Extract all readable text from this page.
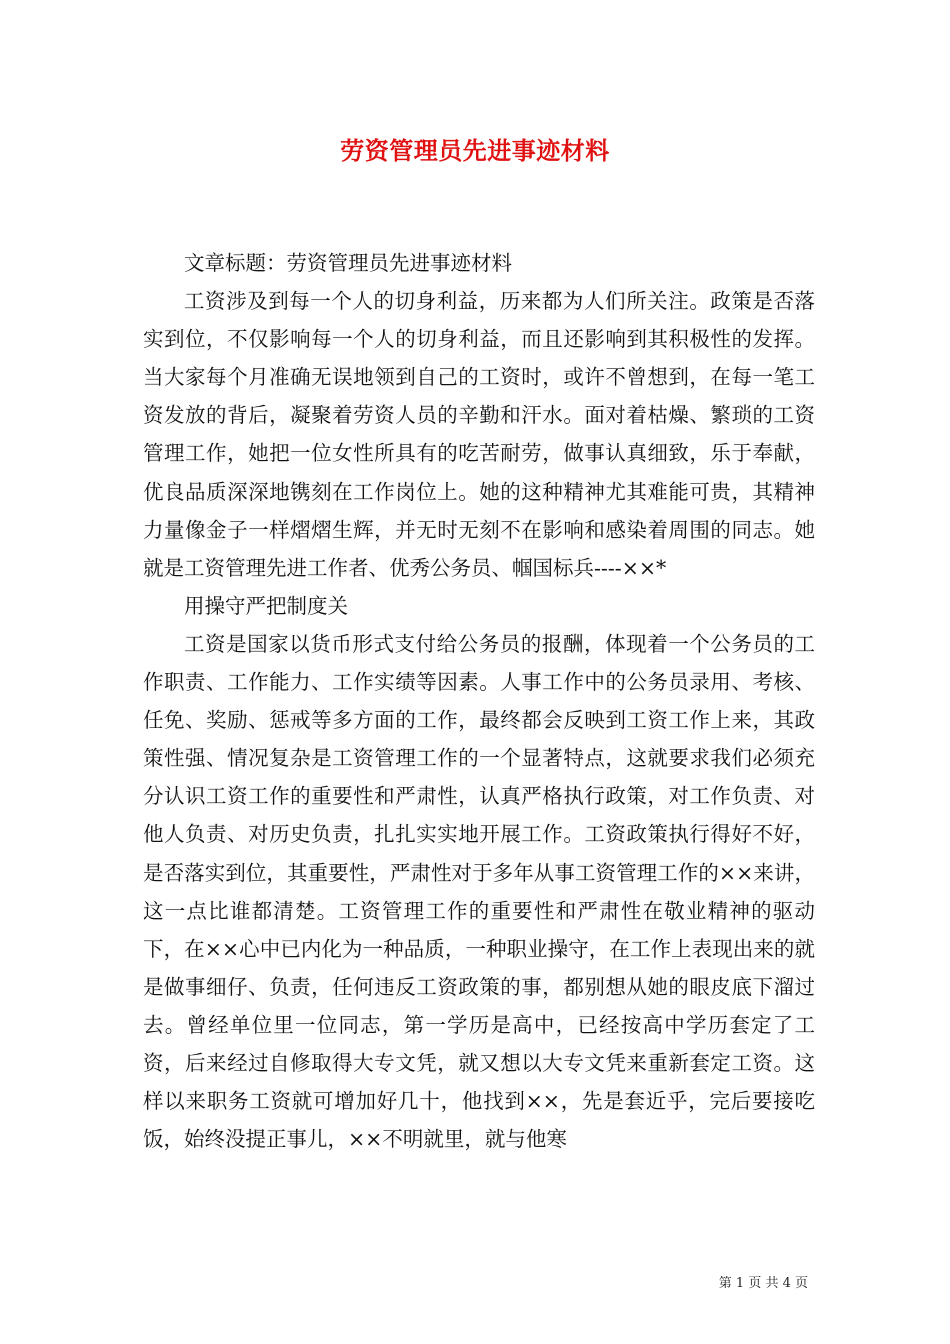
劳资管理员先进事迹材料

文章标题：劳资管理员先进事迹材料

工资涉及到每一个人的切身利益，历来都为人们所关注。政策是否落实到位，不仅影响每一个人的切身利益，而且还影响到其积极性的发挥。当大家每个月准确无误地领到自己的工资时，或许不曾想到，在每一笔工资发放的背后，凝聚着劳资人员的辛勤和汗水。面对着枯燥、繁琐的工资管理工作，她把一位女性所具有的吃苦耐劳，做事认真细致，乐于奉献，优良品质深深地镌刻在工作岗位上。她的这种精神尤其难能可贵，其精神力量像金子一样熠熠生辉，并无时无刻不在影响和感染着周围的同志。她就是工资管理先进工作者、优秀公务员、帼国标兵----××*

用操守严把制度关

工资是国家以货币形式支付给公务员的报酬，体现着一个公务员的工作职责、工作能力、工作实绩等因素。人事工作中的公务员录用、考核、任免、奖励、惩戒等多方面的工作，最终都会反映到工资工作上来，其政策性强、情况复杂是工资管理工作的一个显著特点，这就要求我们必须充分认识工资工作的重要性和严肃性，认真严格执行政策，对工作负责、对他人负责、对历史负责，扎扎实实地开展工作。工资政策执行得好不好，是否落实到位，其重要性，严肃性对于多年从事工资管理工作的××来讲，这一点比谁都清楚。工资管理工作的重要性和严肃性在敬业精神的驱动下，在××心中已内化为一种品质，一种职业操守，在工作上表现出来的就是做事细仔、负责，任何违反工资政策的事，都别想从她的眼皮底下溜过去。曾经单位里一位同志，第一学历是高中，已经按高中学历套定了工资，后来经过自修取得大专文凭，就又想以大专文凭来重新套定工资。这样以来职务工资就可增加好几十，他找到××，先是套近乎，完后要接吃饭，始终没提正事儿，××不明就里，就与他寒

第 1 页 共 4 页
